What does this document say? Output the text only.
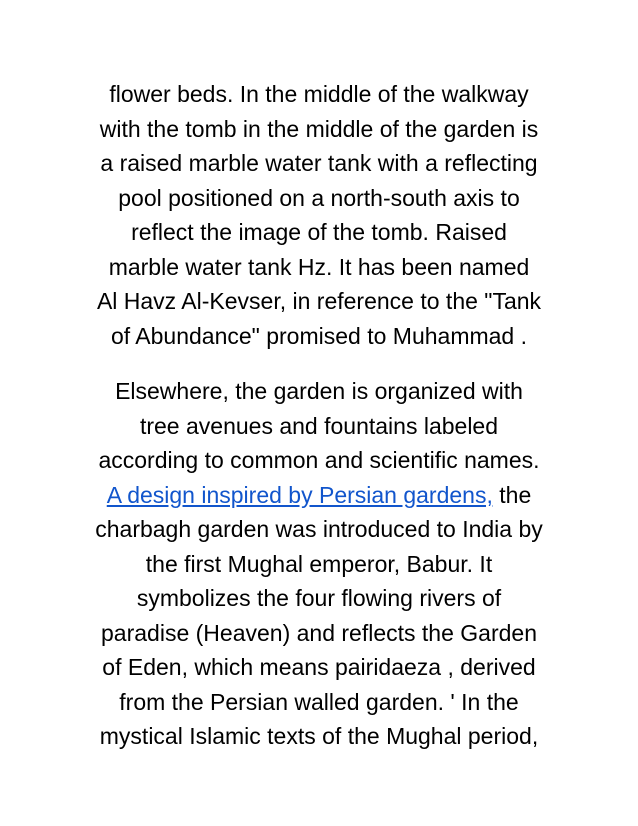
flower beds. In the middle of the walkway
with the tomb in the middle of the garden is
a raised marble water tank with a reflecting
pool positioned on a north-south axis to
reflect the image of the tomb. Raised
marble water tank Hz. It has been named
Al Havz Al-Kevser, in reference to the "Tank
of Abundance" promised to Muhammad .
Elsewhere, the garden is organized with
tree avenues and fountains labeled
according to common and scientific names.
A design inspired by Persian gardens, the
charbagh garden was introduced to India by
the first Mughal emperor, Babur. It
symbolizes the four flowing rivers of
paradise (Heaven) and reflects the Garden
of Eden, which means pairidaeza , derived
from the Persian walled garden. ' In the
mystical Islamic texts of the Mughal period,
